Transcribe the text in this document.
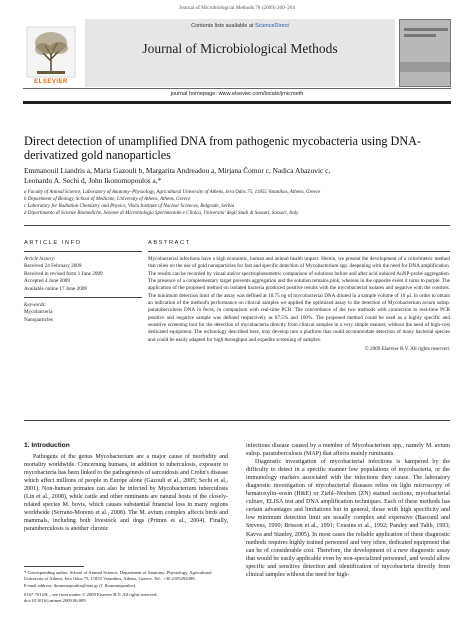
Journal of Microbiological Methods 78 (2009) 260–264
ELSEVIER
Contents lists available at ScienceDirect
Journal of Microbiological Methods
journal homepage: www.elsevier.com/locate/jmicmeth
Direct detection of unamplified DNA from pathogenic mycobacteria using DNA-derivatized gold nanoparticles
Emmanouil Liandris a, Maria Gazouli b, Margarita Andreadou a, Mirjana Čomor c, Nadica Abazovic c,
Leonardo A. Sechi d, John Ikonomopoulos a,*
a Faculty of Animal Science, Laboratory of Anatomy–Physiology, Agricultural University of Athens, Iera Odos 75, 11855 Votanikos, Athens, Greece
b Department of Biology, School of Medicine, University of Athens, Athens, Greece
c Laboratory for Radiation Chemistry and Physics, Vinča Institute of Nuclear Sciences, Belgrade, Serbia
d Dipartimento di Scienze Biomediche, Sezione di Microbiologia Sperimentale e Clinica, Universita' degli Studi di Sassari, Sassari, Italy
ARTICLE INFO
Article history:
Received 24 February 2009
Received in revised form 1 June 2009
Accepted 4 June 2009
Available online 17 June 2009
Keywords:
Mycobacteria
Nanoparticles
ABSTRACT
Mycobacterial infections have a high economic, human and animal health impact. Herein, we present the development of a colorimetric method that relies on the use of gold nanoparticles for fast and specific detection of Mycobacterium spp. deepening with the need for DNA amplification. The results can be recorded by visual and/or spectrophotometric comparison of solutions before and after acid induced AuNP-probe aggregation. The presence of a complementary target prevents aggregation and the solution remains pink, whereas in the opposite event it turns to purple. The application of the proposed method on isolated bacteria produced positive results with the mycobacterial isolates and negative with the controls. The minimum detection limit of the assay was defined at 18.75 ng of mycobacterial DNA diluted in a sample volume of 10 μl. In order to obtain an indication of the method's performance on clinical samples we applied the optimized assay to the detection of Mycobacterium avium subsp. paratuberculosis DNA in feces, in comparison with real-time PCR. The concordance of the two methods with connection to real-time PCR positive and negative sample was defined respectively as 87.5% and 100%. The proposed method could be used as a highly specific and sensitive screening tool for the detection of mycobacteria directly from clinical samples in a very simple manner, without the need of high-cost dedicated equipment. The technology described here, may develop into a platform that could accommodate detection of many bacterial species and could be easily adapted for high throughput and expedite screening of samples.
© 2009 Elsevier B.V. All rights reserved.
1. Introduction

Pathogens of the genus Mycobacterium are a major cause of morbidity and mortality worldwide. Concerning humans, in addition to tuberculosis, exposure to mycobacteria has been linked to the pathogenesis of sarcoidosis and Crohn's disease which affect millions of people in Europe alone (Gazouli et al., 2005; Sechi et al., 2001). Non-human primates can also be infected by Mycobacterium tuberculosis (Lin et al., 2008), while cattle and other ruminants are natural hosts of the closely-related species M. bovis, which causes substantial financial loss in many regions worldwide (Serrano-Moreno et al., 2008). The M. avium complex affects birds and mammals, including both livestock and dogs (Primm et al., 2004). Finally, paratuberculosis is another chronic

infectious disease caused by a member of Mycobacterium spp., namely M. avium subsp. paratuberculosis (MAP) that affects mainly ruminants.

Diagnostic investigation of mycobacterial infections is hampered by the difficulty to detect in a specific manner low populations of mycobacteria, or the immunology markers associated with the infections they cause. The laboratory diagnostic investigation of mycobacterial diseases relies on light microscopy of hematoxylin–eosin (H&E) or Ziehl–Neelsen (ZN) stained sections, mycobacterial culture, ELISA test and DNA amplification techniques. Each of these methods has certain advantages and limitations but in general, those with high specificity and low minimum detection limit are usually complex and expensive (Bascunil and Stevens, 1990; Brisson et al., 1991; Cousins et al., 1992; Pandey and Talib, 1993; Kavva and Stanley, 2005). In most cases the reliable application of these diagnostic methods requires highly trained personnel and very often, dedicated equipment that can be of considerable cost. Therefore, the development of a new diagnostic assay that would be easily applicable even by non-specialized personnel, and would allow specific and sensitive detection and identification of mycobacteria directly from clinical samples without the need for high-

* Corresponding author. School of Animal Science, Department of Anatomy–Physiology, Agricultural University of Athens, Iera Odos 75, 11855 Votanikos, Athens, Greece. Tel.: +30 2105294388.
E-mail address: ikonomopoulos@aua.gr (J. Ikonomopoulos).
0167-7012/$ – see front matter © 2009 Elsevier B.V. All rights reserved.
doi:10.1016/j.mimet.2009.06.009
